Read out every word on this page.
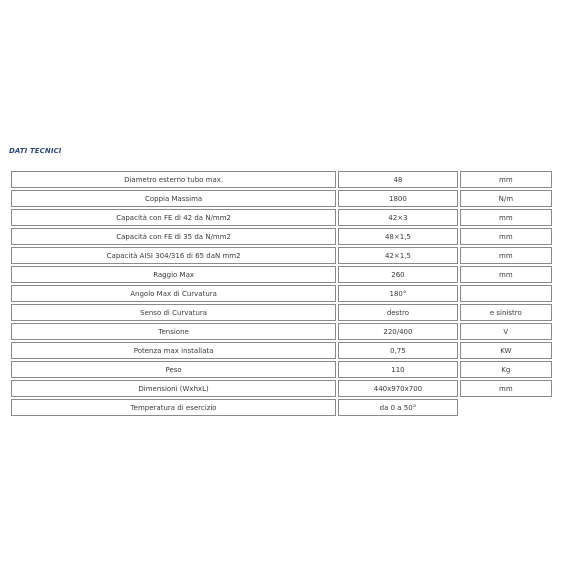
DATI TECNICI
Diametro esterno tubo max.	48	mm
Coppia Massima	1800	N/m
Capacità con FE di 42 da N/mm2	42×3	mm
Capacità con FE di 35 da N/mm2	48×1,5	mm
Capacità AISI 304/316 di 65 daN mm2	42×1,5	mm
Raggio Max	260	mm
Angolo Max di Curvatura	180°	
Senso di Curvatura	destro	e sinistro
Tensione	220/400	V
Potenza max installata	0,75	KW
Peso	110	Kg
Dimensioni (WxhxL)	440x970x700	mm
Temperatura di esercizio	da 0 a 50°	
